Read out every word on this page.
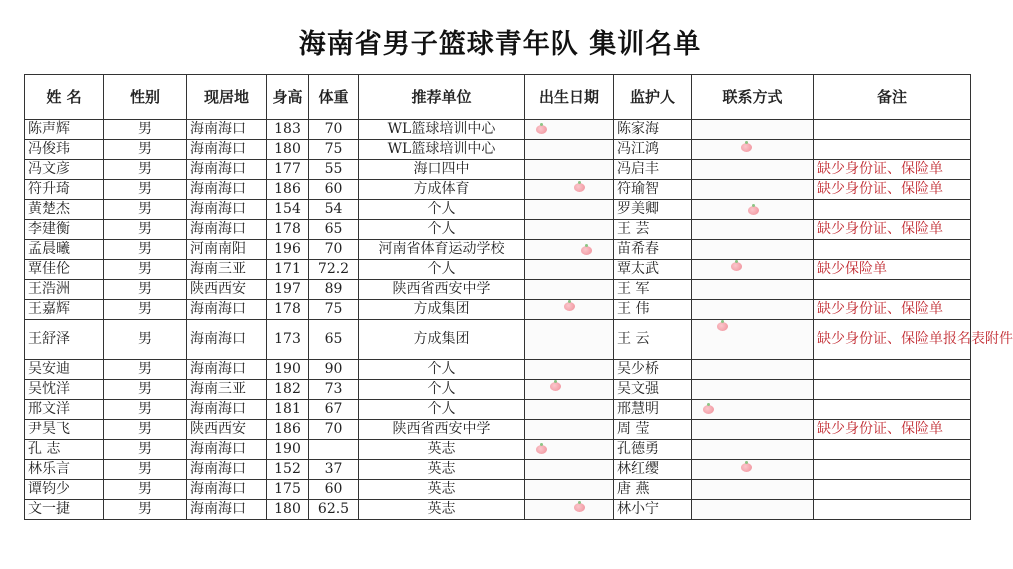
海南省男子篮球青年队 集训名单
姓 名	性别	现居地	身高	体重	推荐单位	出生日期	监护人	联系方式	备注
陈声辉	男	海南海口	183	70	WL篮球培训中心		陈家海		
冯俊玮	男	海南海口	180	75	WL篮球培训中心		冯江鸿	

冯文彦	男	海南海口	177	55	海口四中		冯启丰		缺少身份证、保险单
符升琦	男	海南海口	186	60	方成体育		符瑜智		缺少身份证、保险单
黄楚杰	男	海南海口	154	54	个人		罗美卿	

李建衡	男	海南海口	178	65	个人		王 芸		缺少身份证、保险单
孟晨曦	男	河南南阳	196	70	河南省体育运动学校		苗希春		
覃佳伦	男	海南三亚	171	72.2	个人		覃太武		缺少保险单
王浩洲	男	陕西西安	197	89	陕西省西安中学		王 军		
王嘉辉	男	海南海口	178	75	方成集团		王 伟		缺少身份证、保险单
王舒泽	男	海南海口	173	65	方成集团		王 云		缺少身份证、保险单报名表附件
吴安迪	男	海南海口	190	90	个人		吴少桥		
吴忱洋	男	海南三亚	182	73	个人		吴文强		
邢文洋	男	海南海口	181	67	个人		邢慧明	

尹昊飞	男	陕西西安	186	70	陕西省西安中学		周 莹		缺少身份证、保险单
孔 志	男	海南海口	190		英志		孔德勇		
林乐言	男	海南海口	152	37	英志		林红缨	

谭钧少	男	海南海口	175	60	英志		唐 燕		
文一捷	男	海南海口	180	62.5	英志		林小宁		
